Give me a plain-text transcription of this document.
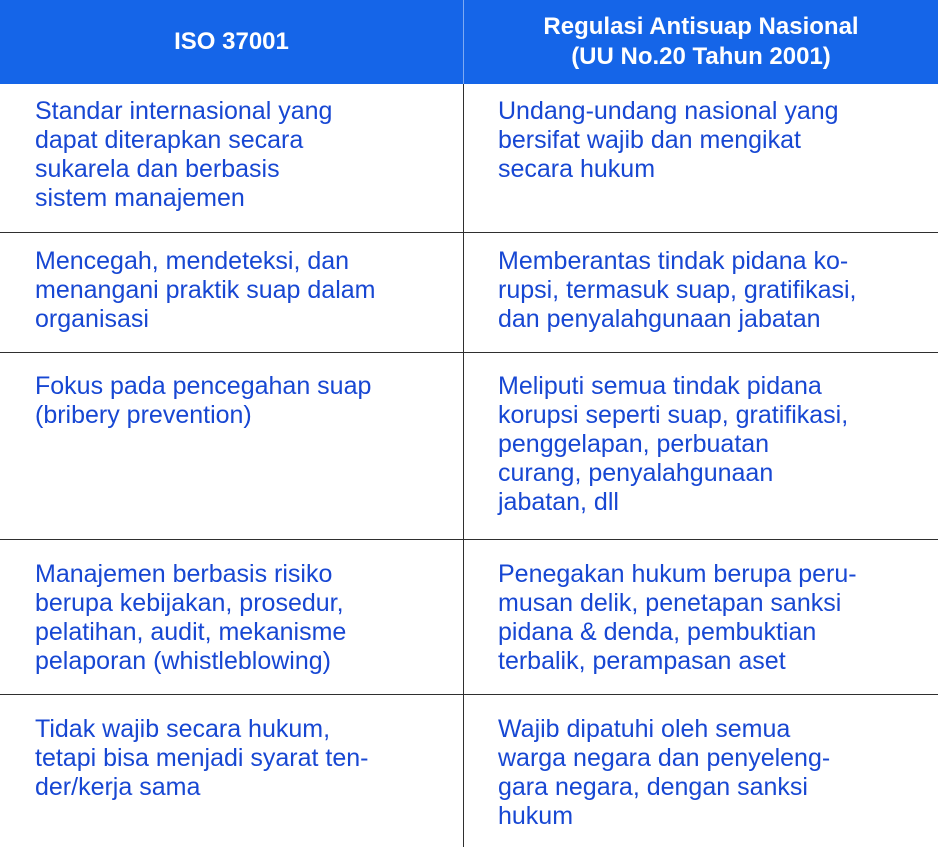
ISO 37001
Regulasi Antisuap Nasional
(UU No.20 Tahun 2001)
Standar internasional yang
dapat diterapkan secara
sukarela dan berbasis
sistem manajemen
Undang-undang nasional yang
bersifat wajib dan mengikat
secara hukum
Mencegah, mendeteksi, dan
menangani praktik suap dalam
organisasi
Memberantas tindak pidana ko-
rupsi, termasuk suap, gratifikasi,
dan penyalahgunaan jabatan
Fokus pada pencegahan suap
(bribery prevention)
Meliputi semua tindak pidana
korupsi seperti suap, gratifikasi,
penggelapan, perbuatan
curang, penyalahgunaan
jabatan, dll
Manajemen berbasis risiko
berupa kebijakan, prosedur,
pelatihan, audit, mekanisme
pelaporan (whistleblowing)
Penegakan hukum berupa peru-
musan delik, penetapan sanksi
pidana & denda, pembuktian
terbalik, perampasan aset
Tidak wajib secara hukum,
tetapi bisa menjadi syarat ten-
der/kerja sama
Wajib dipatuhi oleh semua
warga negara dan penyeleng-
gara negara, dengan sanksi
hukum
